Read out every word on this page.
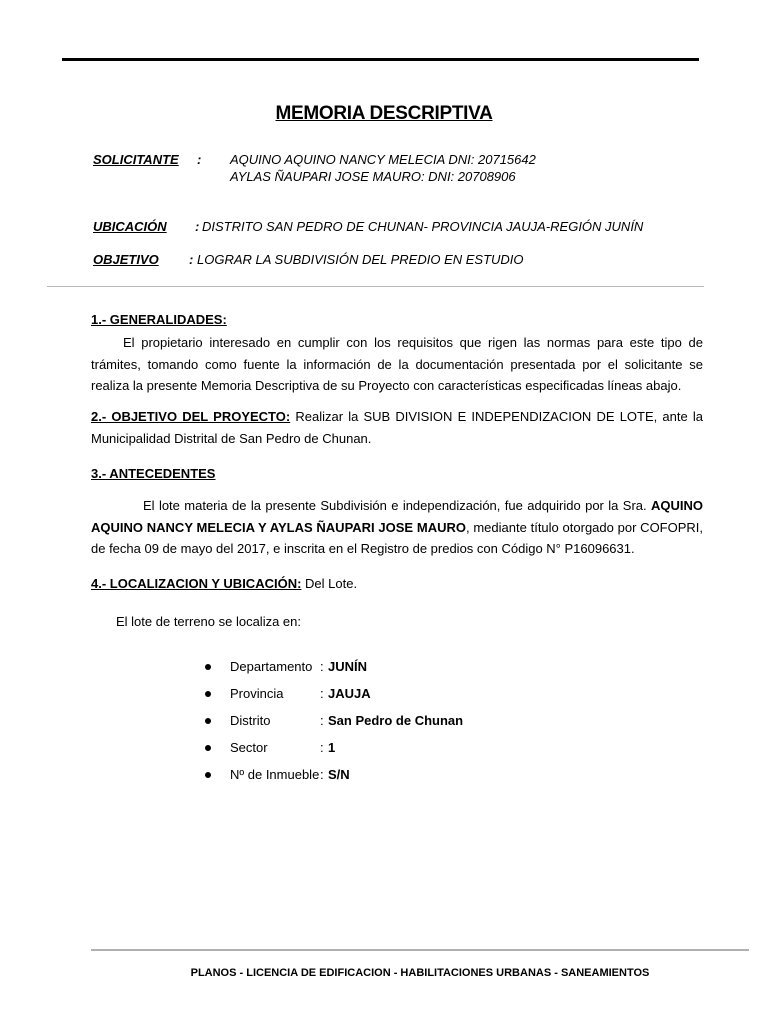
MEMORIA DESCRIPTIVA
SOLICITANTE : AQUINO AQUINO NANCY MELECIA DNI: 20715642
AYLAS ÑAUPARI JOSE MAURO: DNI: 20708906
UBICACIÓN : DISTRITO SAN PEDRO DE CHUNAN- PROVINCIA JAUJA-REGIÓN JUNÍN
OBJETIVO : LOGRAR LA SUBDIVISIÓN DEL PREDIO EN ESTUDIO
1.- GENERALIDADES:

El propietario interesado en cumplir con los requisitos que rigen las normas para este tipo de trámites, tomando como fuente la información de la documentación presentada por el solicitante se realiza la presente Memoria Descriptiva de su Proyecto con características especificadas líneas abajo.

2.- OBJETIVO DEL PROYECTO: Realizar la SUB DIVISION E INDEPENDIZACION DE LOTE, ante la Municipalidad Distrital de San Pedro de Chunan.

3.- ANTECEDENTES

El lote materia de la presente Subdivisión e independización, fue adquirido por la Sra. AQUINO AQUINO NANCY MELECIA Y AYLAS ÑAUPARI JOSE MAURO, mediante título otorgado por COFOPRI, de fecha 09 de mayo del 2017, e inscrita en el Registro de predios con Código N° P16096631.

4.- LOCALIZACION Y UBICACIÓN: Del Lote.
El lote de terreno se localiza en:
Departamento : JUNÍN
Provincia	: JAUJA
Distrito	: San Pedro de Chunan
Sector	: 1
Nº de Inmueble : S/N
PLANOS - LICENCIA DE EDIFICACION - HABILITACIONES URBANAS - SANEAMIENTOS
